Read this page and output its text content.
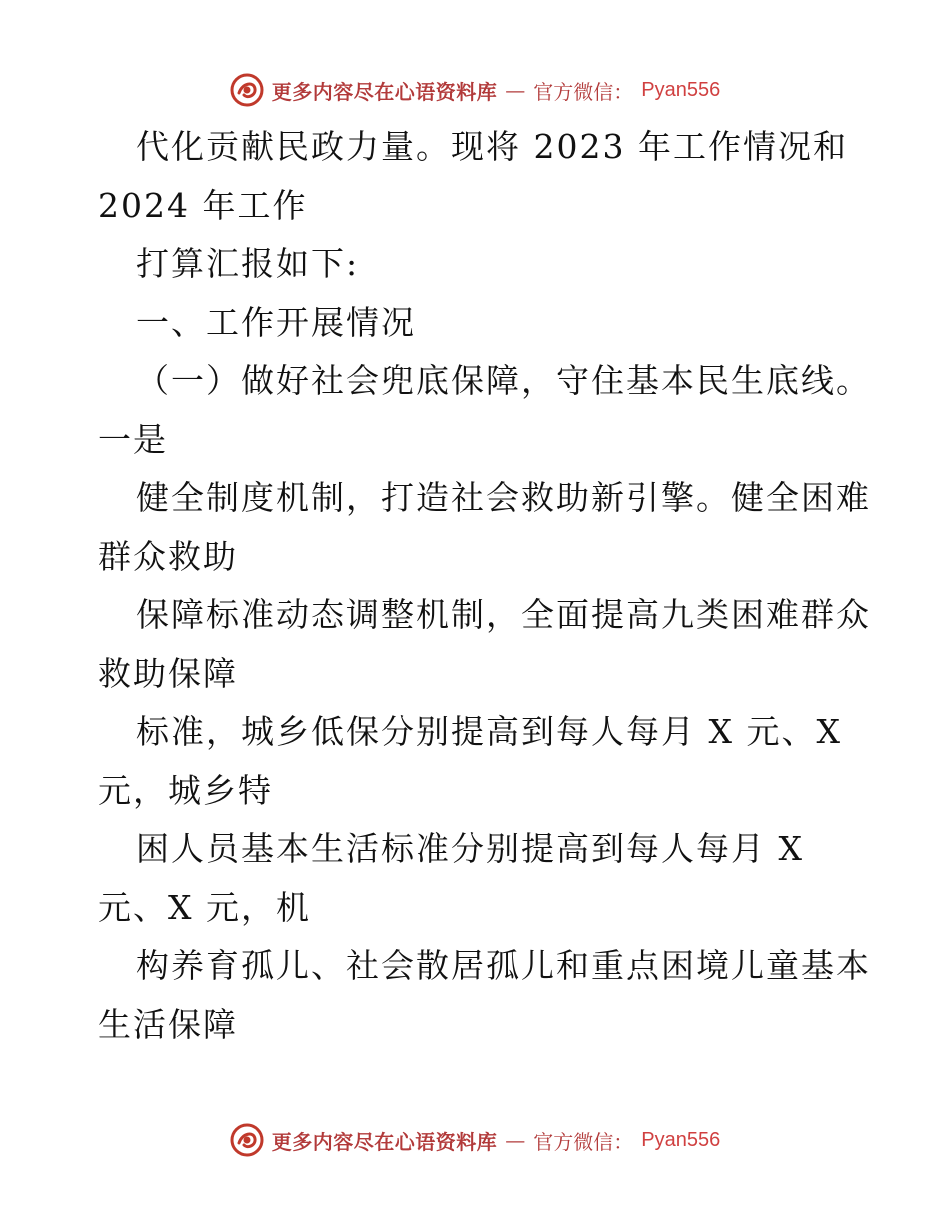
更多内容尽在心语资料库 — 官方微信： Pyan556
代化贡献民政力量。现将 2023 年工作情况和
2024 年工作
打算汇报如下:
一、工作开展情况
（一）做好社会兜底保障，守住基本民生底线。
一是
健全制度机制，打造社会救助新引擎。健全困难
群众救助
保障标准动态调整机制，全面提高九类困难群众
救助保障
标准，城乡低保分别提高到每人每月 X 元、X
元，城乡特
困人员基本生活标准分别提高到每人每月 X
元、X 元，机
构养育孤儿、社会散居孤儿和重点困境儿童基本
生活保障
更多内容尽在心语资料库 — 官方微信： Pyan556
